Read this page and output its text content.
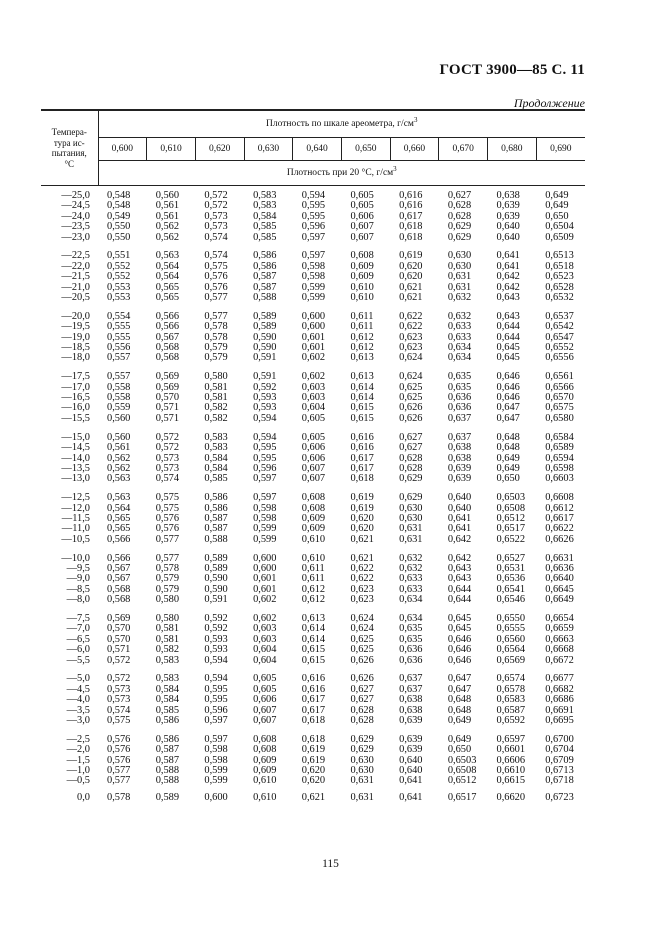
ГОСТ 3900—85 С. 11
Продолжение
Темпера-
тура ис-
пытания,
°С	Плотность по шкале ареометра, $г/см^3$
	0,600	0,610	0,620	0,630	0,640	0,650	0,660	0,670	0,680	0,690
	Плотность при 20 °С, $г/см^3$

—25,0	0,548	0,560	0,572	0,583	0,594	0,605	0,616	0,627	0,638	0,649
—24,5	0,548	0,561	0,572	0,583	0,595	0,605	0,616	0,628	0,639	0,649
—24,0	0,549	0,561	0,573	0,584	0,595	0,606	0,617	0,628	0,639	0,650
—23,5	0,550	0,562	0,573	0,585	0,596	0,607	0,618	0,629	0,640	0,6504
—23,0	0,550	0,562	0,574	0,585	0,597	0,607	0,618	0,629	0,640	0,6509

—22,5	0,551	0,563	0,574	0,586	0,597	0,608	0,619	0,630	0,641	0,6513
—22,0	0,552	0,564	0,575	0,586	0,598	0,609	0,620	0,630	0,641	0,6518
—21,5	0,552	0,564	0,576	0,587	0,598	0,609	0,620	0,631	0,642	0,6523
—21,0	0,553	0,565	0,576	0,587	0,599	0,610	0,621	0,631	0,642	0,6528
—20,5	0,553	0,565	0,577	0,588	0,599	0,610	0,621	0,632	0,643	0,6532

—20,0	0,554	0,566	0,577	0,589	0,600	0,611	0,622	0,632	0,643	0,6537
—19,5	0,555	0,566	0,578	0,589	0,600	0,611	0,622	0,633	0,644	0,6542
—19,0	0,555	0,567	0,578	0,590	0,601	0,612	0,623	0,633	0,644	0,6547
—18,5	0,556	0,568	0,579	0,590	0,601	0,612	0,623	0,634	0,645	0,6552
—18,0	0,557	0,568	0,579	0,591	0,602	0,613	0,624	0,634	0,645	0,6556

—17,5	0,557	0,569	0,580	0,591	0,602	0,613	0,624	0,635	0,646	0,6561
—17,0	0,558	0,569	0,581	0,592	0,603	0,614	0,625	0,635	0,646	0,6566
—16,5	0,558	0,570	0,581	0,593	0,603	0,614	0,625	0,636	0,646	0,6570
—16,0	0,559	0,571	0,582	0,593	0,604	0,615	0,626	0,636	0,647	0,6575
—15,5	0,560	0,571	0,582	0,594	0,605	0,615	0,626	0,637	0,647	0,6580

—15,0	0,560	0,572	0,583	0,594	0,605	0,616	0,627	0,637	0,648	0,6584
—14,5	0,561	0,572	0,583	0,595	0,606	0,616	0,627	0,638	0,648	0,6589
—14,0	0,562	0,573	0,584	0,595	0,606	0,617	0,628	0,638	0,649	0,6594
—13,5	0,562	0,573	0,584	0,596	0,607	0,617	0,628	0,639	0,649	0,6598
—13,0	0,563	0,574	0,585	0,597	0,607	0,618	0,629	0,639	0,650	0,6603

—12,5	0,563	0,575	0,586	0,597	0,608	0,619	0,629	0,640	0,6503	0,6608
—12,0	0,564	0,575	0,586	0,598	0,608	0,619	0,630	0,640	0,6508	0,6612
—11,5	0,565	0,576	0,587	0,598	0,609	0,620	0,630	0,641	0,6512	0,6617
—11,0	0,565	0,576	0,587	0,599	0,609	0,620	0,631	0,641	0,6517	0,6622
—10,5	0,566	0,577	0,588	0,599	0,610	0,621	0,631	0,642	0,6522	0,6626

—10,0	0,566	0,577	0,589	0,600	0,610	0,621	0,632	0,642	0,6527	0,6631
—9,5	0,567	0,578	0,589	0,600	0,611	0,622	0,632	0,643	0,6531	0,6636
—9,0	0,567	0,579	0,590	0,601	0,611	0,622	0,633	0,643	0,6536	0,6640
—8,5	0,568	0,579	0,590	0,601	0,612	0,623	0,633	0,644	0,6541	0,6645
—8,0	0,568	0,580	0,591	0,602	0,612	0,623	0,634	0,644	0,6546	0,6649

—7,5	0,569	0,580	0,592	0,602	0,613	0,624	0,634	0,645	0,6550	0,6654
—7,0	0,570	0,581	0,592	0,603	0,614	0,624	0,635	0,645	0,6555	0,6659
—6,5	0,570	0,581	0,593	0,603	0,614	0,625	0,635	0,646	0,6560	0,6663
—6,0	0,571	0,582	0,593	0,604	0,615	0,625	0,636	0,646	0,6564	0,6668
—5,5	0,572	0,583	0,594	0,604	0,615	0,626	0,636	0,646	0,6569	0,6672

—5,0	0,572	0,583	0,594	0,605	0,616	0,626	0,637	0,647	0,6574	0,6677
—4,5	0,573	0,584	0,595	0,605	0,616	0,627	0,637	0,647	0,6578	0,6682
—4,0	0,573	0,584	0,595	0,606	0,617	0,627	0,638	0,648	0,6583	0,6686
—3,5	0,574	0,585	0,596	0,607	0,617	0,628	0,638	0,648	0,6587	0,6691
—3,0	0,575	0,586	0,597	0,607	0,618	0,628	0,639	0,649	0,6592	0,6695

—2,5	0,576	0,586	0,597	0,608	0,618	0,629	0,639	0,649	0,6597	0,6700
—2,0	0,576	0,587	0,598	0,608	0,619	0,629	0,639	0,650	0,6601	0,6704
—1,5	0,576	0,587	0,598	0,609	0,619	0,630	0,640	0,6503	0,6606	0,6709
—1,0	0,577	0,588	0,599	0,609	0,620	0,630	0,640	0,6508	0,6610	0,6713
—0,5	0,577	0,588	0,599	0,610	0,620	0,631	0,641	0,6512	0,6615	0,6718
0,0	0,578	0,589	0,600	0,610	0,621	0,631	0,641	0,6517	0,6620	0,6723
115
